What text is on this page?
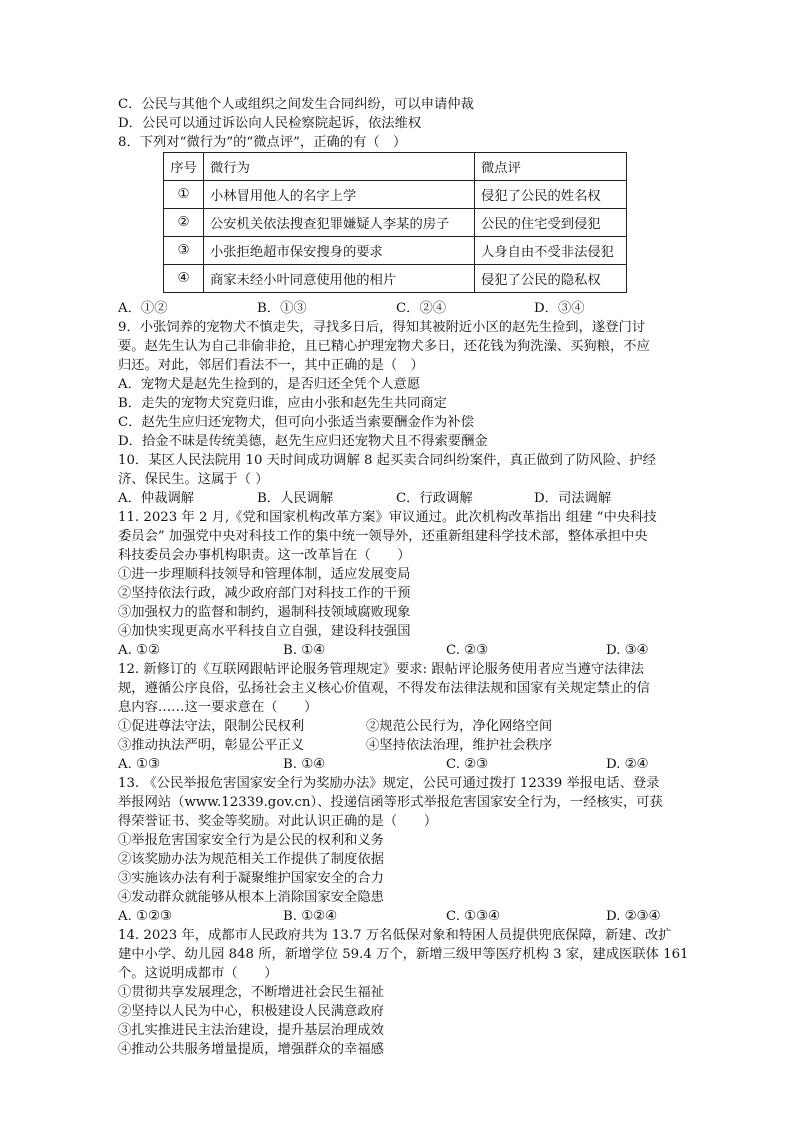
C．公民与其他个人或组织之间发生合同纠纷，可以申请仲裁
D．公民可以通过诉讼向人民检察院起诉，依法维权
8．下列对“微行为”的“微点评”，正确的有（　）
序号	微行为	微点评
①	小林冒用他人的名字上学	侵犯了公民的姓名权
②	公安机关依法搜查犯罪嫌疑人李某的房子	公民的住宅受到侵犯
③	小张拒绝超市保安搜身的要求	人身自由不受非法侵犯
④	商家未经小叶同意使用他的相片	侵犯了公民的隐私权
A．①②	B．①③	C．②④	D．③④
9．小张饲养的宠物犬不慎走失，寻找多日后，得知其被附近小区的赵先生捡到，遂登门讨
要。赵先生认为自己非偷非抢，且已精心护理宠物犬多日，还花钱为狗洗澡、买狗粮，不应
归还。对此，邻居们看法不一，其中正确的是（　）
A．宠物犬是赵先生捡到的，是否归还全凭个人意愿
B．走失的宠物犬究竟归谁，应由小张和赵先生共同商定
C．赵先生应归还宠物犬，但可向小张适当索要酬金作为补偿
D．拾金不昧是传统美德，赵先生应归还宠物犬且不得索要酬金
10．某区人民法院用 10 天时间成功调解 8 起买卖合同纠纷案件，真正做到了防风险、护经
济、保民生。这属于（ ）
A．仲裁调解	B．人民调解	C．行政调解	D．司法调解
11. 2023 年 2 月,《党和国家机构改革方案》审议通过。此次机构改革指出 组建 “中央科技
委员会” 加强党中央对科技工作的集中统一领导外，还重新组建科学技术部，整体承担中央
科技委员会办事机构职责。这一改革旨在（　　）
①进一步理顺科技领导和管理体制，适应发展变局
②坚持依法行政，减少政府部门对科技工作的干预
③加强权力的监督和制约，遏制科技领域腐败现象
④加快实现更高水平科技自立自强，建设科技强国
A. ①②	B. ①④	C. ②③	D. ③④
12. 新修订的《互联网跟帖评论服务管理规定》要求: 跟帖评论服务使用者应当遵守法律法
规，遵循公序良俗，弘扬社会主义核心价值观，不得发布法律法规和国家有关规定禁止的信
息内容……这一要求意在（　　）
①促进尊法守法，限制公民权利	②规范公民行为，净化网络空间
③推动执法严明，彰显公平正义	④坚持依法治理，维护社会秩序
A. ①③	B. ①④	C. ②③	D. ②④
13. 《公民举报危害国家安全行为奖励办法》规定，公民可通过拨打 12339 举报电话、登录
举报网站（www.12339.gov.cn）、投递信函等形式举报危害国家安全行为，一经核实，可获
得荣誉证书、奖金等奖励。对此认识正确的是（　　）
①举报危害国家安全行为是公民的权利和义务
②该奖励办法为规范相关工作提供了制度依据
③实施该办法有利于凝聚维护国家安全的合力
④发动群众就能够从根本上消除国家安全隐患
A. ①②③	B. ①②④	C. ①③④	D. ②③④
14. 2023 年，成都市人民政府共为 13.7 万名低保对象和特困人员提供兜底保障，新建、改扩
建中小学、幼儿园 848 所，新增学位 59.4 万个，新增三级甲等医疗机构 3 家，建成医联体 161
个。这说明成都市（　　）
①贯彻共享发展理念，不断增进社会民生福祉
②坚持以人民为中心，积极建设人民满意政府
③扎实推进民主法治建设，提升基层治理成效
④推动公共服务增量提质，增强群众的幸福感
